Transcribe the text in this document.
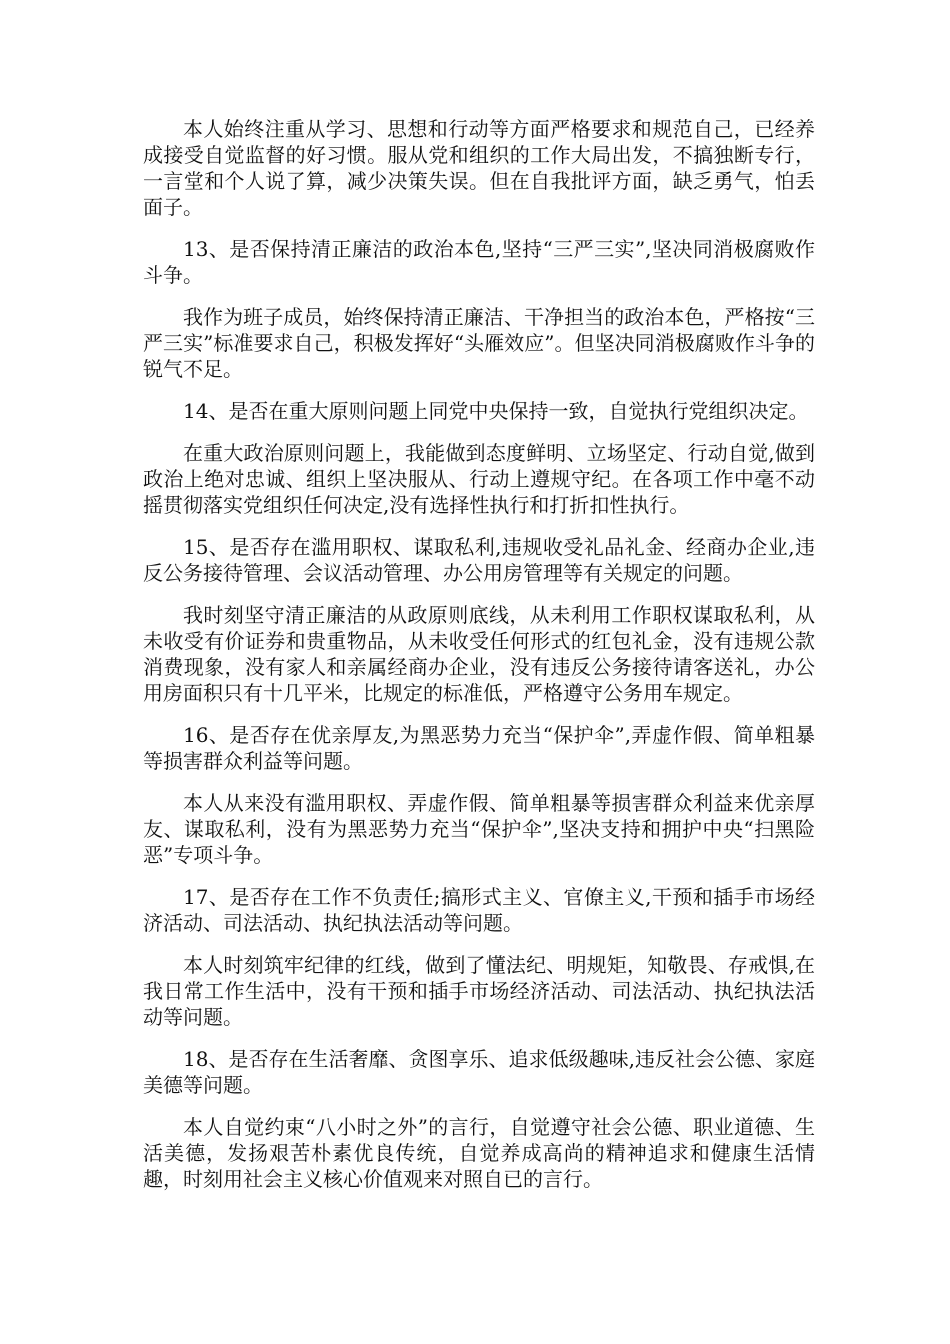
本人始终注重从学习、思想和行动等方面严格要求和规范自己，已经养成接受自觉监督的好习惯。服从党和组织的工作大局出发，不搞独断专行，一言堂和个人说了算，减少决策失误。但在自我批评方面，缺乏勇气，怕丢面子。

13、是否保持清正廉洁的政治本色,坚持“三严三实”,坚决同消极腐败作斗争。

我作为班子成员，始终保持清正廉洁、干净担当的政治本色，严格按“三严三实”标准要求自己，积极发挥好“头雁效应”。但坚决同消极腐败作斗争的锐气不足。

14、是否在重大原则问题上同党中央保持一致，自觉执行党组织决定。

在重大政治原则问题上，我能做到态度鲜明、立场坚定、行动自觉,做到政治上绝对忠诚、组织上坚决服从、行动上遵规守纪。在各项工作中毫不动摇贯彻落实党组织任何决定,没有选择性执行和打折扣性执行。

15、是否存在滥用职权、谋取私利,违规收受礼品礼金、经商办企业,违反公务接待管理、会议活动管理、办公用房管理等有关规定的问题。

我时刻坚守清正廉洁的从政原则底线，从未利用工作职权谋取私利，从未收受有价证券和贵重物品，从未收受任何形式的红包礼金，没有违规公款消费现象，没有家人和亲属经商办企业，没有违反公务接待请客送礼，办公用房面积只有十几平米，比规定的标准低，严格遵守公务用车规定。

16、是否存在优亲厚友,为黑恶势力充当“保护伞”,弄虚作假、简单粗暴等损害群众利益等问题。

本人从来没有滥用职权、弄虚作假、简单粗暴等损害群众利益来优亲厚友、谋取私利，没有为黑恶势力充当“保护伞”,坚决支持和拥护中央“扫黑险恶”专项斗争。

17、是否存在工作不负责任;搞形式主义、官僚主义,干预和插手市场经济活动、司法活动、执纪执法活动等问题。

本人时刻筑牢纪律的红线，做到了懂法纪、明规矩，知敬畏、存戒惧,在我日常工作生活中，没有干预和插手市场经济活动、司法活动、执纪执法活动等问题。

18、是否存在生活奢靡、贪图享乐、追求低级趣味,违反社会公德、家庭美德等问题。

本人自觉约束“八小时之外”的言行，自觉遵守社会公德、职业道德、生活美德，发扬艰苦朴素优良传统，自觉养成高尚的精神追求和健康生活情趣，时刻用社会主义核心价值观来对照自已的言行。
